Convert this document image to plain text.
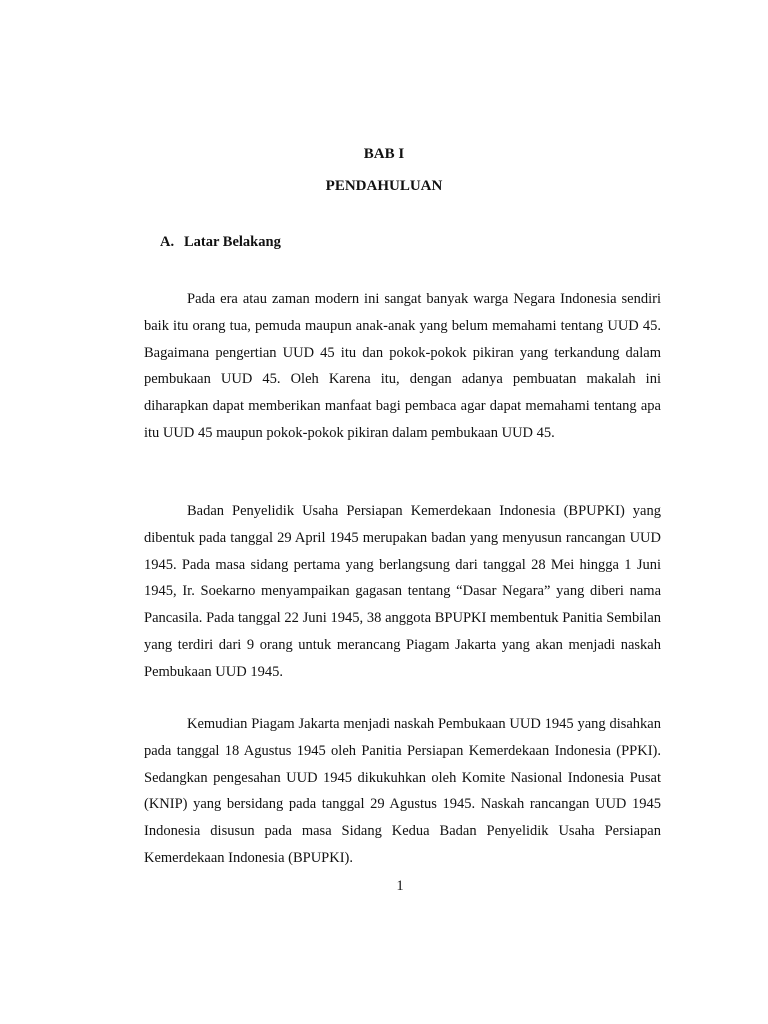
BAB I
PENDAHULUAN
A. Latar Belakang

Pada era atau zaman modern ini sangat banyak warga Negara Indonesia sendiri baik itu orang tua, pemuda maupun anak-anak yang belum memahami tentang UUD 45. Bagaimana pengertian UUD 45 itu dan pokok-pokok pikiran yang terkandung dalam pembukaan UUD 45. Oleh Karena itu, dengan adanya pembuatan makalah ini diharapkan dapat memberikan manfaat bagi pembaca agar dapat memahami tentang apa itu UUD 45 maupun pokok-pokok pikiran dalam pembukaan UUD 45.

Badan Penyelidik Usaha Persiapan Kemerdekaan Indonesia (BPUPKI) yang dibentuk pada tanggal 29 April 1945 merupakan badan yang menyusun rancangan UUD 1945. Pada masa sidang pertama yang berlangsung dari tanggal 28 Mei hingga 1 Juni 1945, Ir. Soekarno menyampaikan gagasan tentang “Dasar Negara” yang diberi nama Pancasila. Pada tanggal 22 Juni 1945, 38 anggota BPUPKI membentuk Panitia Sembilan yang terdiri dari 9 orang untuk merancang Piagam Jakarta yang akan menjadi naskah Pembukaan UUD 1945.

Kemudian Piagam Jakarta menjadi naskah Pembukaan UUD 1945 yang disahkan pada tanggal 18 Agustus 1945 oleh Panitia Persiapan Kemerdekaan Indonesia (PPKI). Sedangkan pengesahan UUD 1945 dikukuhkan oleh Komite Nasional Indonesia Pusat (KNIP) yang bersidang pada tanggal 29 Agustus 1945. Naskah rancangan UUD 1945 Indonesia disusun pada masa Sidang Kedua Badan Penyelidik Usaha Persiapan Kemerdekaan Indonesia (BPUPKI).

1
